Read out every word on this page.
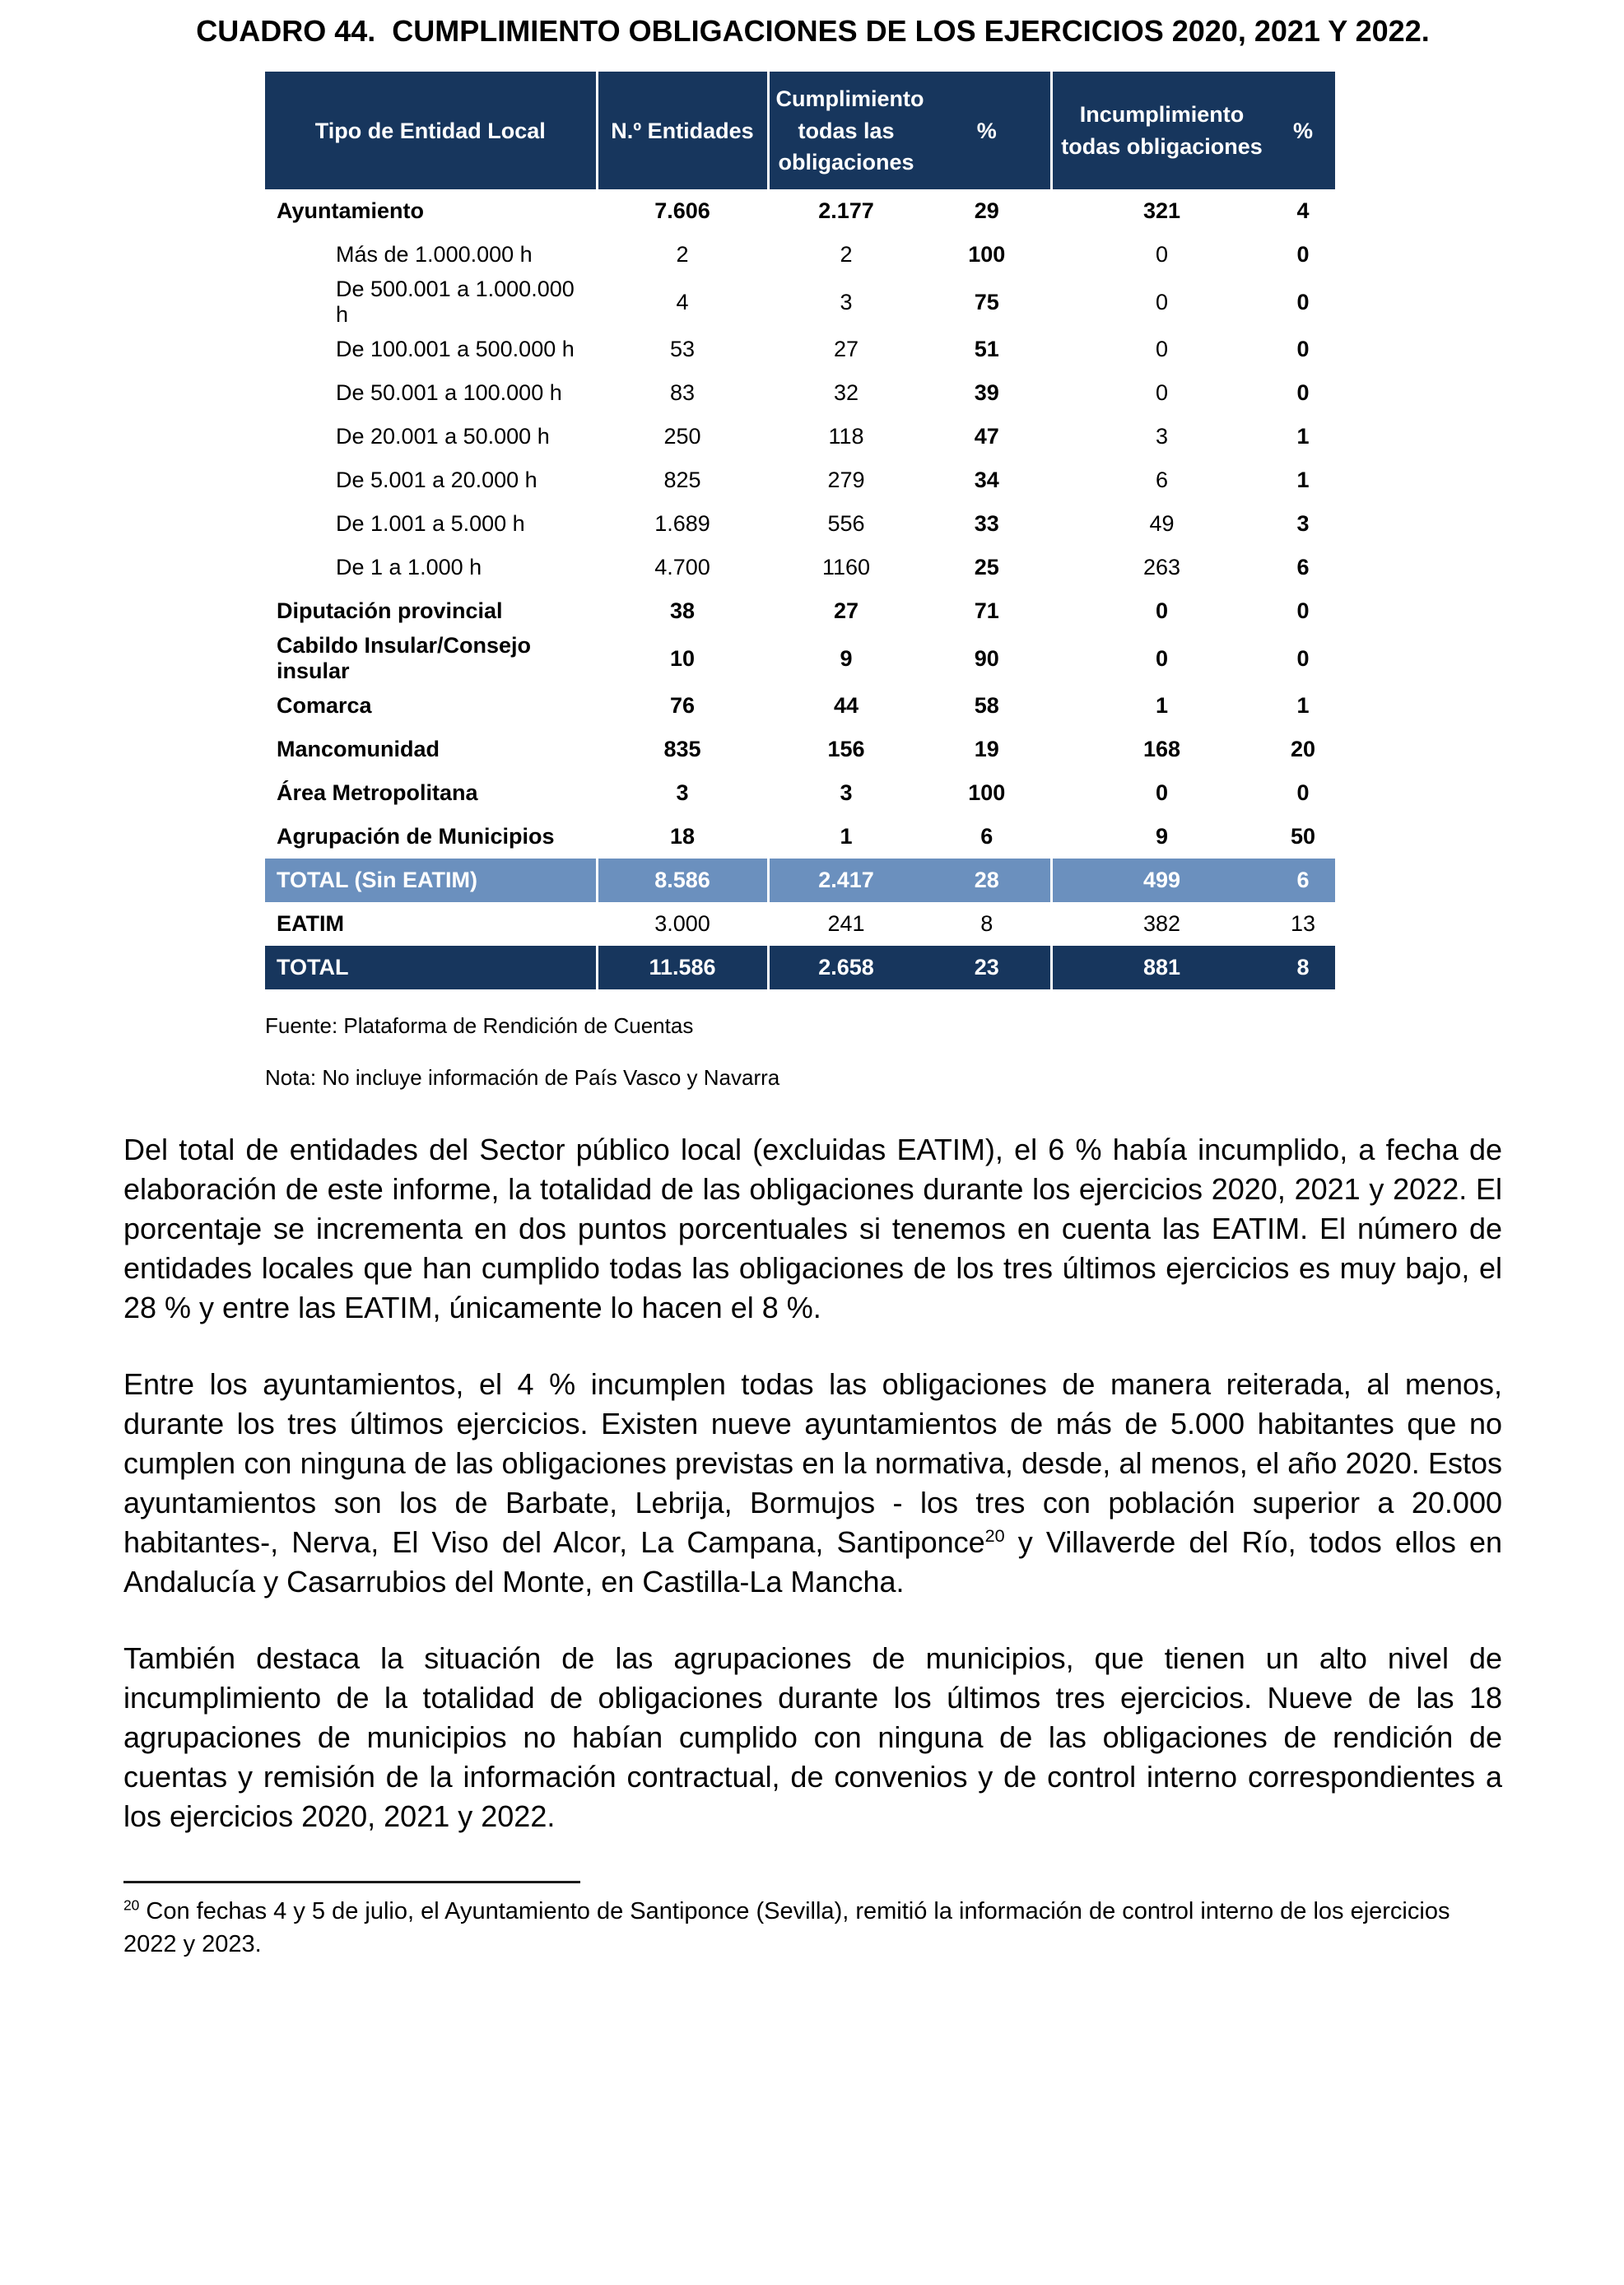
CUADRO 44.  CUMPLIMIENTO OBLIGACIONES DE LOS EJERCICIOS 2020, 2021 Y 2022.

Tipo de Entidad Local	N.º Entidades	Cumplimiento todas las obligaciones	%	Incumplimiento todas obligaciones	%
Ayuntamiento	7.606	2.177	29	321	4
Más de 1.000.000 h	2	2	100	0	0
De 500.001 a 1.000.000 h	4	3	75	0	0
De 100.001 a 500.000 h	53	27	51	0	0
De 50.001 a 100.000 h	83	32	39	0	0
De 20.001 a 50.000 h	250	118	47	3	1
De 5.001 a 20.000 h	825	279	34	6	1
De 1.001 a 5.000 h	1.689	556	33	49	3
De 1 a 1.000 h	4.700	1160	25	263	6
Diputación provincial	38	27	71	0	0
Cabildo Insular/Consejo insular	10	9	90	0	0
Comarca	76	44	58	1	1
Mancomunidad	835	156	19	168	20
Área Metropolitana	3	3	100	0	0
Agrupación de Municipios	18	1	6	9	50
TOTAL (Sin EATIM)	8.586	2.417	28	499	6
EATIM	3.000	241	8	382	13
TOTAL	11.586	2.658	23	881	8

Fuente: Plataforma de Rendición de Cuentas

Nota: No incluye información de País Vasco y Navarra

Del total de entidades del Sector público local (excluidas EATIM), el 6 % había incumplido, a fecha de elaboración de este informe, la totalidad de las obligaciones durante los ejercicios 2020, 2021 y 2022. El porcentaje se incrementa en dos puntos porcentuales si tenemos en cuenta las EATIM. El número de entidades locales que han cumplido todas las obligaciones de los tres últimos ejercicios es muy bajo, el 28 % y entre las EATIM, únicamente lo hacen el 8 %.

Entre los ayuntamientos, el 4 % incumplen todas las obligaciones de manera reiterada, al menos, durante los tres últimos ejercicios. Existen nueve ayuntamientos de más de 5.000 habitantes que no cumplen con ninguna de las obligaciones previstas en la normativa, desde, al menos, el año 2020. Estos ayuntamientos son los de Barbate, Lebrija, Bormujos - los tres con población superior a 20.000 habitantes-, Nerva, El Viso del Alcor, La Campana, Santiponce$^{20}$ y Villaverde del Río, todos ellos en Andalucía y Casarrubios del Monte, en Castilla-La Mancha.

También destaca la situación de las agrupaciones de municipios, que tienen un alto nivel de incumplimiento de la totalidad de obligaciones durante los últimos tres ejercicios. Nueve de las 18 agrupaciones de municipios no habían cumplido con ninguna de las obligaciones de rendición de cuentas y remisión de la información contractual, de convenios y de control interno correspondientes a los ejercicios 2020, 2021 y 2022.

$^{20}$ Con fechas 4 y 5 de julio, el Ayuntamiento de Santiponce (Sevilla), remitió la información de control interno de los ejercicios 2022 y 2023.
